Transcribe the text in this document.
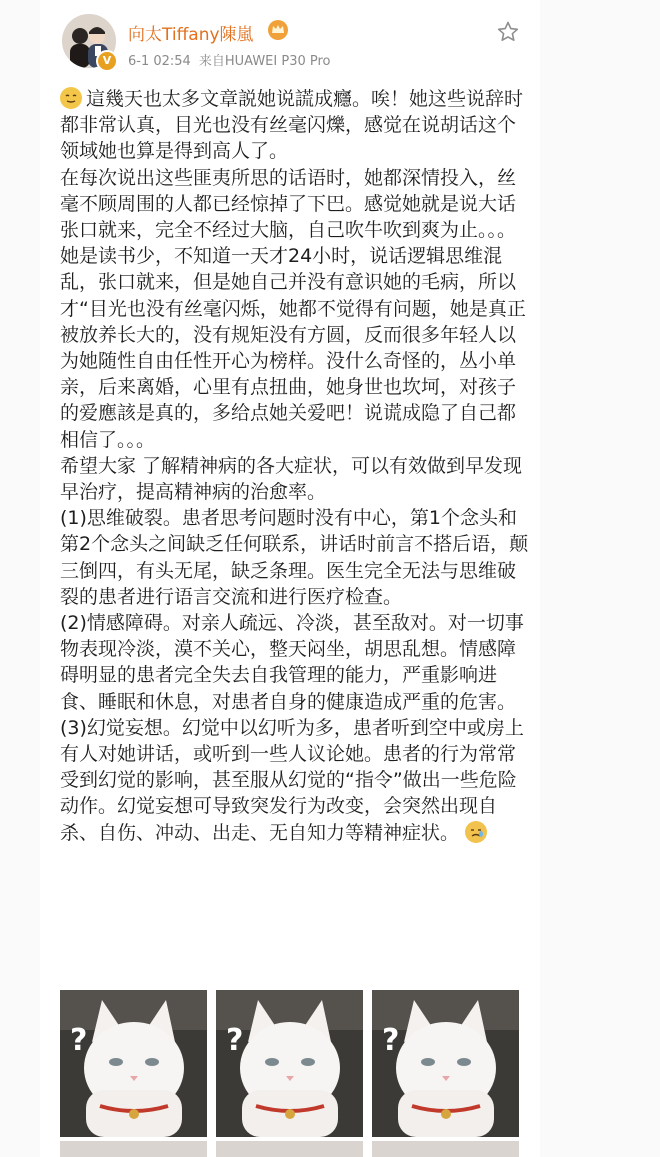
V
向太Tiffany陳嵐
6-1 02:54 来自HUAWEI P30 Pro

這幾天也太多文章説她说謊成癮。唉！她这些说辞时都非常认真，目光也没有丝毫闪爍，感觉在说胡话这个领域她也算是得到高人了。

在每次说出这些匪夷所思的话语时，她都深情投入，丝毫不顾周围的人都已经惊掉了下巴。感觉她就是说大话张口就来，完全不经过大脑，自己吹牛吹到爽为止。。。她是读书少，不知道一天才24小时，说话逻辑思维混乱，张口就来，但是她自己并没有意识她的毛病，所以才“目光也没有丝毫闪烁，她都不觉得有问题，她是真正被放养长大的，没有规矩没有方圆，反而很多年轻人以为她随性自由任性开心为榜样。没什么奇怪的，丛小单亲，后来离婚，心里有点扭曲，她身世也坎坷，对孩子的爱應該是真的，多给点她关爱吧！说谎成隐了自己都相信了。。。

希望大家 了解精神病的各大症状，可以有效做到早发现早治疗，提高精神病的治愈率。

(1)思维破裂。患者思考问题时没有中心，第1个念头和第2个念头之间缺乏任何联系，讲话时前言不搭后语，颠三倒四，有头无尾，缺乏条理。医生完全无法与思维破裂的患者进行语言交流和进行医疗检查。

(2)情感障碍。对亲人疏远、冷淡，甚至敌对。对一切事物表现冷淡，漠不关心，整天闷坐，胡思乱想。情感障碍明显的患者完全失去自我管理的能力，严重影响进食、睡眠和休息，对患者自身的健康造成严重的危害。

(3)幻觉妄想。幻觉中以幻听为多，患者听到空中或房上有人对她讲话，或听到一些人议论她。患者的行为常常受到幻觉的影响，甚至服从幻觉的“指令”做出一些危险动作。幻觉妄想可导致突发行为改变，会突然出现自杀、自伤、冲动、出走、无自知力等精神症状。

?	?	?
